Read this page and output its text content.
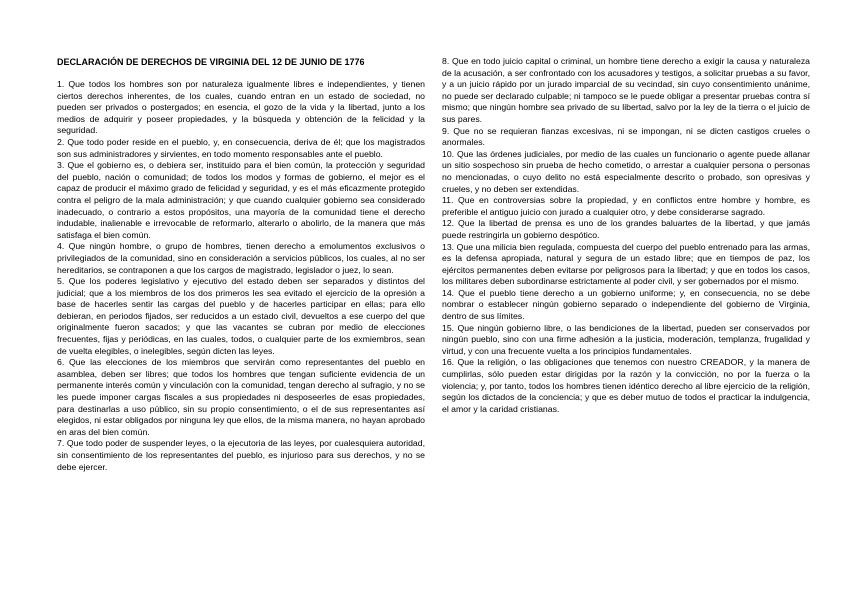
DECLARACIÓN DE DERECHOS DE VIRGINIA DEL 12 DE JUNIO DE 1776

1. Que todos los hombres son por naturaleza igualmente libres e independientes, y tienen ciertos derechos inherentes, de los cuales, cuando entran en un estado de sociedad, no pueden ser privados o postergados; en esencia, el gozo de la vida y la libertad, junto a los medios de adquirir y poseer propiedades, y la búsqueda y obtención de la felicidad y la seguridad.

2. Que todo poder reside en el pueblo, y, en consecuencia, deriva de él; que los magistrados son sus administradores y sirvientes, en todo momento responsables ante el pueblo.

3. Que el gobierno es, o debiera ser, instituido para el bien común, la protección y seguridad del pueblo, nación o comunidad; de todos los modos y formas de gobierno, el mejor es el capaz de producir el máximo grado de felicidad y seguridad, y es el más eficazmente protegido contra el peligro de la mala administración; y que cuando cualquier gobierno sea considerado inadecuado, o contrario a estos propósitos, una mayoría de la comunidad tiene el derecho indudable, inalienable e irrevocable de reformarlo, alterarlo o abolirlo, de la manera que más satisfaga el bien común.

4. Que ningún hombre, o grupo de hombres, tienen derecho a emolumentos exclusivos o privilegiados de la comunidad, sino en consideración a servicios públicos, los cuales, al no ser hereditarios, se contraponen a que los cargos de magistrado, legislador o juez, lo sean.

5. Que los poderes legislativo y ejecutivo del estado deben ser separados y distintos del judicial; que a los miembros de los dos primeros les sea evitado el ejercicio de la opresión a base de hacerles sentir las cargas del pueblo y de hacerles participar en ellas; para ello debieran, en periodos fijados, ser reducidos a un estado civil, devueltos a ese cuerpo del que originalmente fueron sacados; y que las vacantes se cubran por medio de elecciones frecuentes, fijas y periódicas, en las cuales, todos, o cualquier parte de los exmiembros, sean de vuelta elegibles, o inelegibles, según dicten las leyes.

6. Que las elecciones de los miembros que servirán como representantes del pueblo en asamblea, deben ser libres; que todos los hombres que tengan suficiente evidencia de un permanente interés común y vinculación con la comunidad, tengan derecho al sufragio, y no se les puede imponer cargas fiscales a sus propiedades ni desposeerles de esas propiedades, para destinarlas a uso público, sin su propio consentimiento, o el de sus representantes así elegidos, ni estar obligados por ninguna ley que ellos, de la misma manera, no hayan aprobado en aras del bien común.

7. Que todo poder de suspender leyes, o la ejecutoria de las leyes, por cualesquiera autoridad, sin consentimiento de los representantes del pueblo, es injurioso para sus derechos, y no se debe ejercer.

8. Que en todo juicio capital o criminal, un hombre tiene derecho a exigir la causa y naturaleza de la acusación, a ser confrontado con los acusadores y testigos, a solicitar pruebas a su favor, y a un juicio rápido por un jurado imparcial de su vecindad, sin cuyo consentimiento unánime, no puede ser declarado culpable; ni tampoco se le puede obligar a presentar pruebas contra sí mismo; que ningún hombre sea privado de su libertad, salvo por la ley de la tierra o el juicio de sus pares.

9. Que no se requieran fianzas excesivas, ni se impongan, ni se dicten castigos crueles o anormales.

10. Que las órdenes judiciales, por medio de las cuales un funcionario o agente puede allanar un sitio sospechoso sin prueba de hecho cometido, o arrestar a cualquier persona o personas no mencionadas, o cuyo delito no está especialmente descrito o probado, son opresivas y crueles, y no deben ser extendidas.

11. Que en controversias sobre la propiedad, y en conflictos entre hombre y hombre, es preferible el antiguo juicio con jurado a cualquier otro, y debe considerarse sagrado.

12. Que la libertad de prensa es uno de los grandes baluartes de la libertad, y que jamás puede restringirla un gobierno despótico.

13. Que una milicia bien regulada, compuesta del cuerpo del pueblo entrenado para las armas, es la defensa apropiada, natural y segura de un estado libre; que en tiempos de paz, los ejércitos permanentes deben evitarse por peligrosos para la libertad; y que en todos los casos, los militares deben subordinarse estrictamente al poder civil, y ser gobernados por el mismo.

14. Que el pueblo tiene derecho a un gobierno uniforme; y, en consecuencia, no se debe nombrar o establecer ningún gobierno separado o independiente del gobierno de Virginia, dentro de sus límites.

15. Que ningún gobierno libre, o las bendiciones de la libertad, pueden ser conservados por ningún pueblo, sino con una firme adhesión a la justicia, moderación, templanza, frugalidad y virtud, y con una frecuente vuelta a los principios fundamentales.

16. Que la religión, o las obligaciones que tenemos con nuestro CREADOR, y la manera de cumplirlas, sólo pueden estar dirigidas por la razón y la convicción, no por la fuerza o la violencia; y, por tanto, todos los hombres tienen idéntico derecho al libre ejercicio de la religión, según los dictados de la conciencia; y que es deber mutuo de todos el practicar la indulgencia, el amor y la caridad cristianas.
